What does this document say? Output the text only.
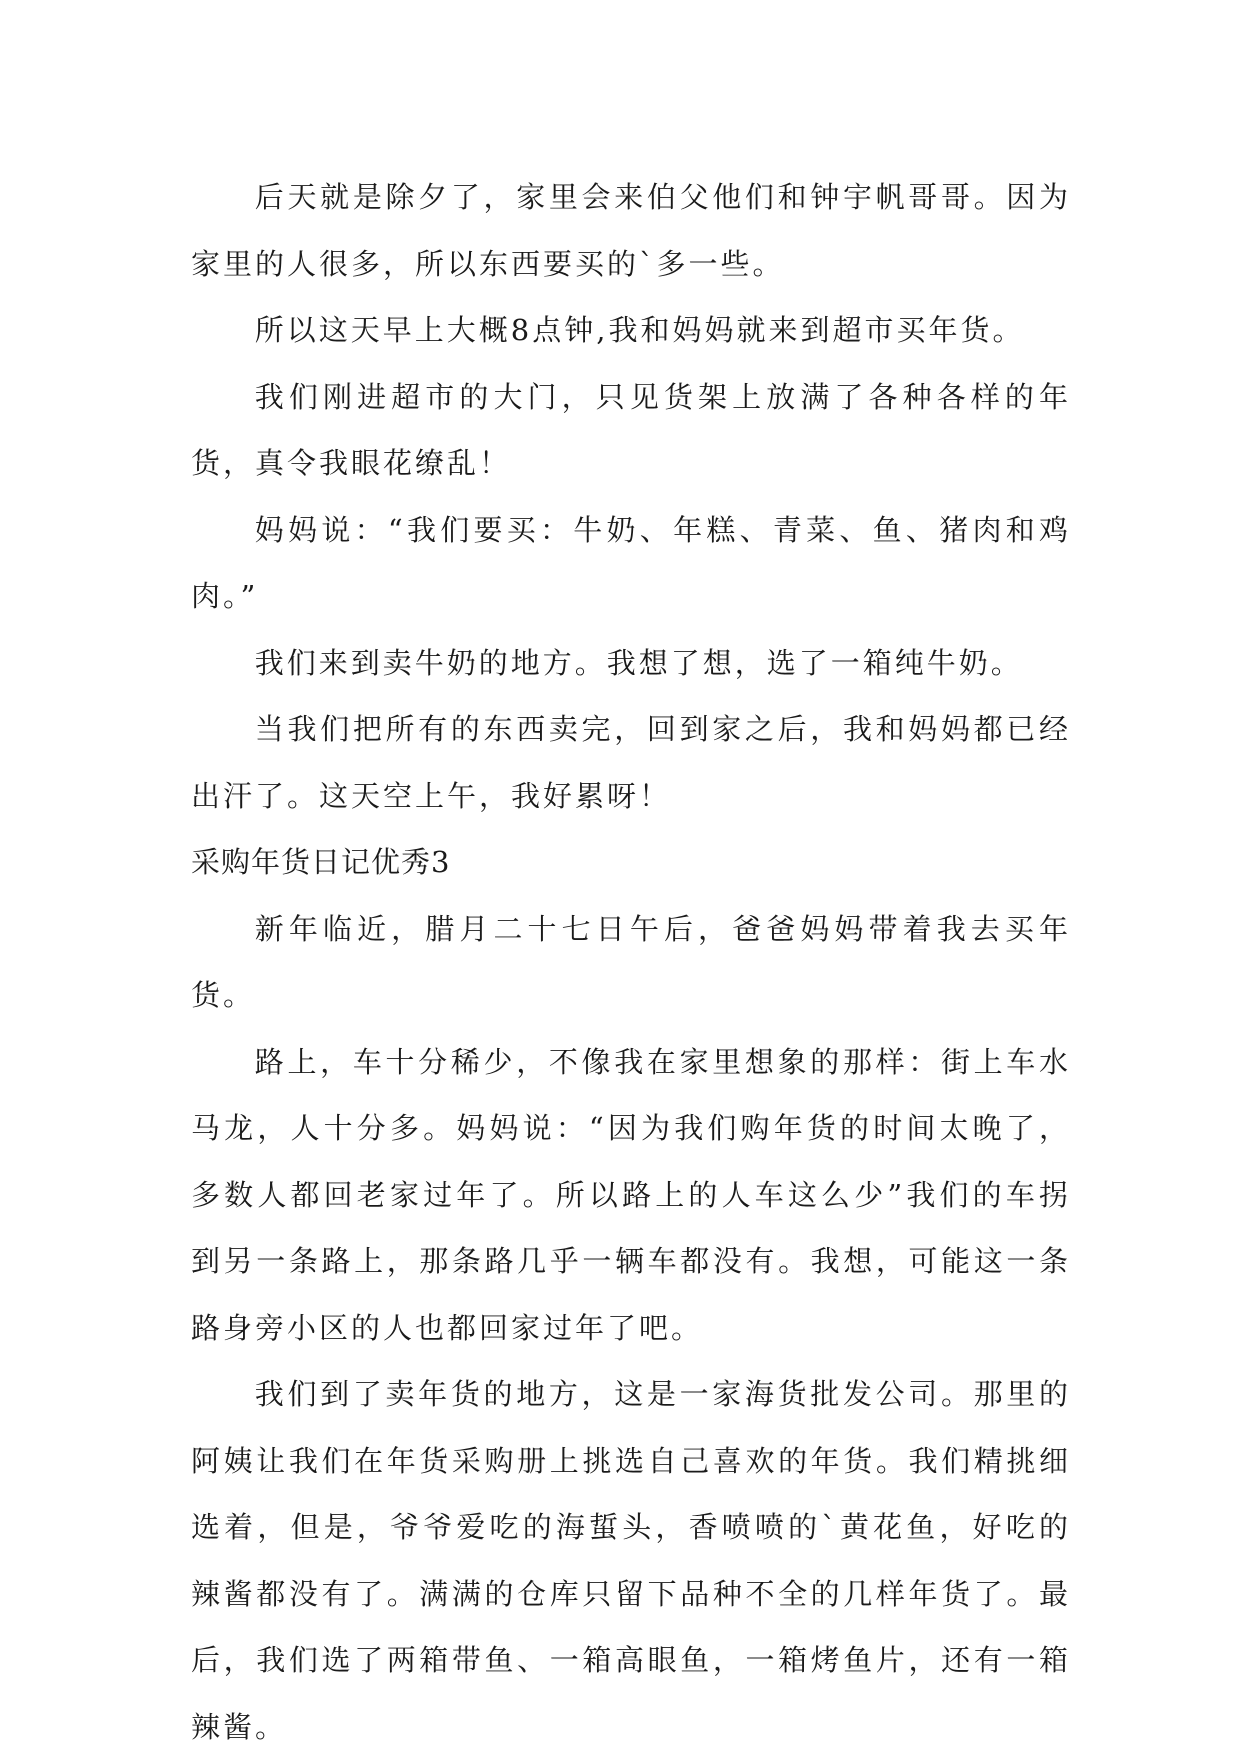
后天就是除夕了，家里会来伯父他们和钟宇帆哥哥。因为家里的人很多，所以东西要买的`多一些。

所以这天早上大概8点钟,我和妈妈就来到超市买年货。

我们刚进超市的大门，只见货架上放满了各种各样的年货，真令我眼花缭乱！

妈妈说：“我们要买：牛奶、年糕、青菜、鱼、猪肉和鸡肉。”

我们来到卖牛奶的地方。我想了想，选了一箱纯牛奶。

当我们把所有的东西卖完，回到家之后，我和妈妈都已经出汗了。这天空上午，我好累呀！

采购年货日记优秀3

新年临近，腊月二十七日午后，爸爸妈妈带着我去买年货。

路上，车十分稀少，不像我在家里想象的那样：街上车水马龙，人十分多。妈妈说：“因为我们购年货的时间太晚了，多数人都回老家过年了。所以路上的人车这么少”我们的车拐到另一条路上，那条路几乎一辆车都没有。我想，可能这一条路身旁小区的人也都回家过年了吧。

我们到了卖年货的地方，这是一家海货批发公司。那里的阿姨让我们在年货采购册上挑选自己喜欢的年货。我们精挑细选着，但是，爷爷爱吃的海蜇头，香喷喷的`黄花鱼，好吃的辣酱都没有了。满满的仓库只留下品种不全的几样年货了。最后，我们选了两箱带鱼、一箱高眼鱼，一箱烤鱼片，还有一箱辣酱。
